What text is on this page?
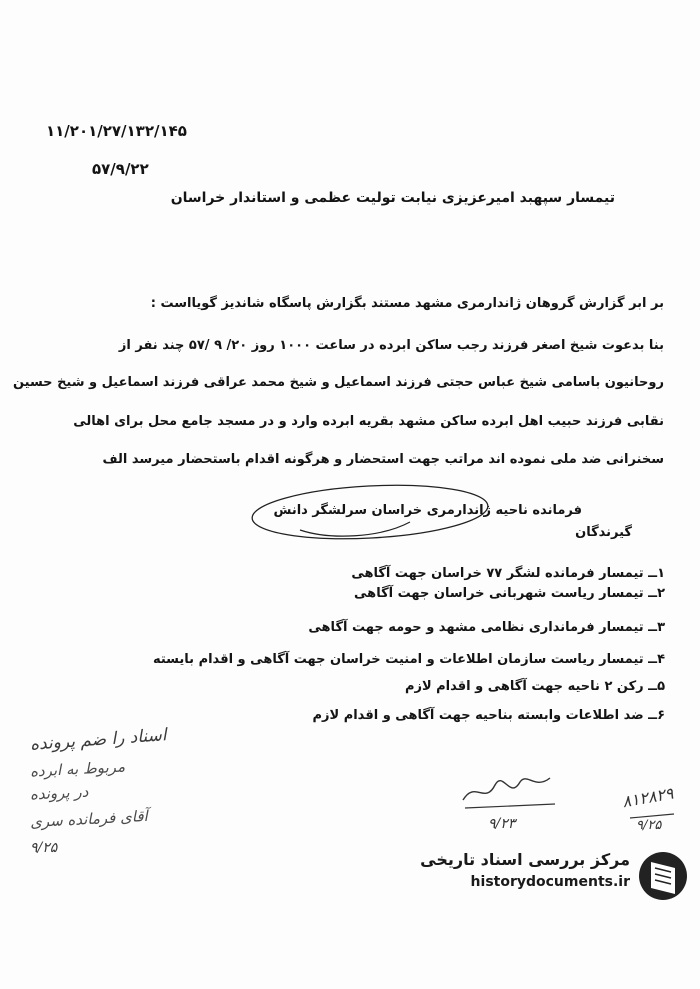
۱۱/۲۰۱/۲۷/۱۳۲/۱۴۵
۵۷/۹/۲۲
تیمسار سپهبد امیرعزیزی نیابت تولیت عظمی و استاندار خراسان
بر ابر گزارش گروهان ژاندارمری مشهد مستند بگزارش پاسگاه شاندیز گویااست :
بنا بدعوت شیخ اصغر فرزند رجب ساکن ابرده در ساعت ۱۰۰۰ روز ۲۰/ ۹ /۵۷ چند نفر از
روحانیون باسامی شیخ عباس حجتی فرزند اسماعیل و شیخ محمد عراقی فرزند اسماعیل و شیخ حسین
نقابی فرزند حبیب اهل ابرده ساکن مشهد بقریه ابرده وارد و در مسجد جامع محل برای اهالی
سخنرانی ضد ملی نموده اند مراتب جهت استحضار و هرگونه اقدام باستحضار میرسد الف
فرمانده ناحیه ژاندارمری خراسان سرلشگر دانش
گیرندگان
۱ــ تیمسار فرمانده لشگر ۷۷ خراسان جهت آگاهی
۲ــ تیمسار ریاست شهربانی خراسان جهت آگاهی
۳ــ تیمسار فرمانداری نظامی مشهد و حومه جهت آگاهی
۴ــ تیمسار ریاست سازمان اطلاعات و امنیت خراسان جهت آگاهی و اقدام بایسته
۵ــ رکن ۲ ناحیه جهت آگاهی و اقدام لازم
۶ــ ضد اطلاعات وابسته بناحیه جهت آگاهی و اقدام لازم
اسناد را ضم پرونده
مربوط به ابرده
در پرونده
آقای فرمانده سری
۹/۲۵
۹/۲۳
۸۱۲۸۲۹
۹/۲۵
مرکز بررسی اسناد تاریخی
historydocuments.ir
